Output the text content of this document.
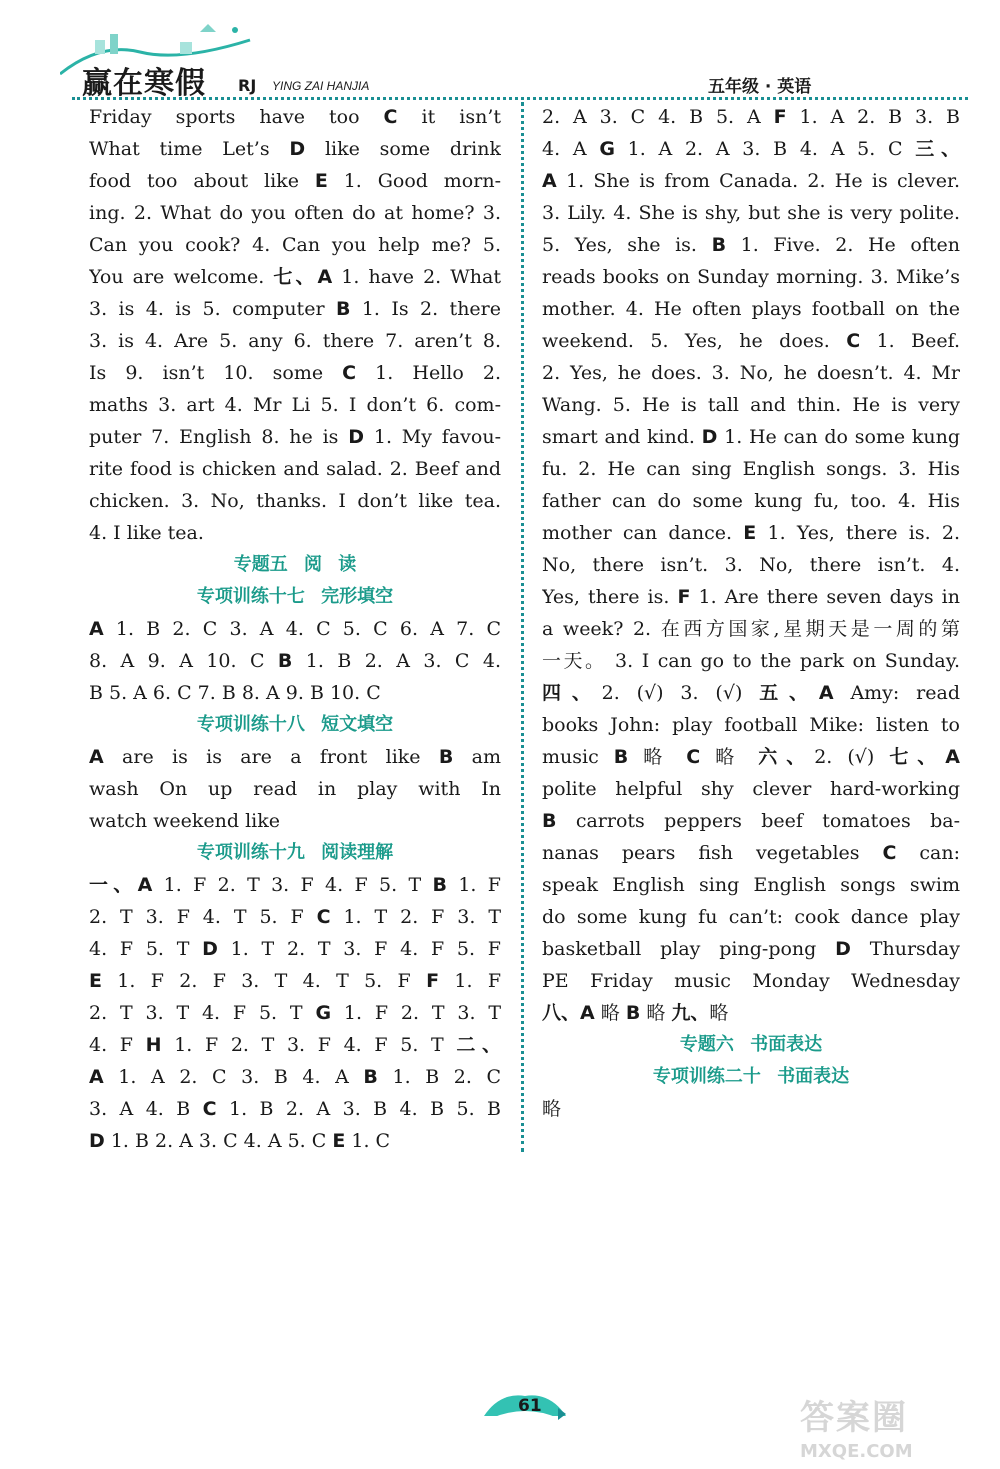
赢在寒假 RJ YING ZAI HANJIA	五年级 · 英语
Friday sports have too C it isn’t
What time Let’s D like some drink
food too about like E 1. Good morn-
ing. 2. What do you often do at home? 3.
Can you cook? 4. Can you help me? 5.
You are welcome. 七、A 1. have 2. What
3. is 4. is 5. computer B 1. Is 2. there
3. is 4. Are 5. any 6. there 7. aren’t 8.
Is 9. isn’t 10. some C 1. Hello 2.
maths 3. art 4. Mr Li 5. I don’t 6. com-
puter 7. English 8. he is D 1. My favou-
rite food is chicken and salad. 2. Beef and
chicken. 3. No, thanks. I don’t like tea.
4. I like tea.
专题五 阅 读
专项训练十七 完形填空
A 1. B 2. C 3. A 4. C 5. C 6. A 7. C
8. A 9. A 10. C B 1. B 2. A 3. C 4.
B 5. A 6. C 7. B 8. A 9. B 10. C
专项训练十八 短文填空
A are is is are a front like B am
wash On up read in play with In
watch weekend like
专项训练十九 阅读理解
一、A 1. F 2. T 3. F 4. F 5. T B 1. F
2. T 3. F 4. T 5. F C 1. T 2. F 3. T
4. F 5. T D 1. T 2. T 3. F 4. F 5. F
E 1. F 2. F 3. T 4. T 5. F F 1. F
2. T 3. T 4. F 5. T G 1. F 2. T 3. T
4. F H 1. F 2. T 3. F 4. F 5. T 二、
A 1. A 2. C 3. B 4. A B 1. B 2. C
3. A 4. B C 1. B 2. A 3. B 4. B 5. B
D 1. B 2. A 3. C 4. A 5. C E 1. C
2. A 3. C 4. B 5. A F 1. A 2. B 3. B
4. A G 1. A 2. A 3. B 4. A 5. C 三、
A 1. She is from Canada. 2. He is clever.
3. Lily. 4. She is shy, but she is very polite.
5. Yes, she is. B 1. Five. 2. He often
reads books on Sunday morning. 3. Mike’s
mother. 4. He often plays football on the
weekend. 5. Yes, he does. C 1. Beef.
2. Yes, he does. 3. No, he doesn’t. 4. Mr
Wang. 5. He is tall and thin. He is very
smart and kind. D 1. He can do some kung
fu. 2. He can sing English songs. 3. His
father can do some kung fu, too. 4. His
mother can dance. E 1. Yes, there is. 2.
No, there isn’t. 3. No, there isn’t. 4.
Yes, there is. F 1. Are there seven days in
a week? 2. 在西方国家,星期天是一周的第
一天。 3. I can go to the park on Sunday.
四、2. (√) 3. (√) 五、A Amy: read
books John: play football Mike: listen to
music B 略 C 略 六、2. (√) 七、A
polite helpful shy clever hard-working
B carrots peppers beef tomatoes ba-
nanas pears fish vegetables C can:
speak English sing English songs swim
do some kung fu can’t: cook dance play
basketball play ping-pong D Thursday
PE Friday music Monday Wednesday
八、A 略 B 略 九、略
专题六 书面表达
专项训练二十 书面表达
略
61	答案圈
MXQE.COM
